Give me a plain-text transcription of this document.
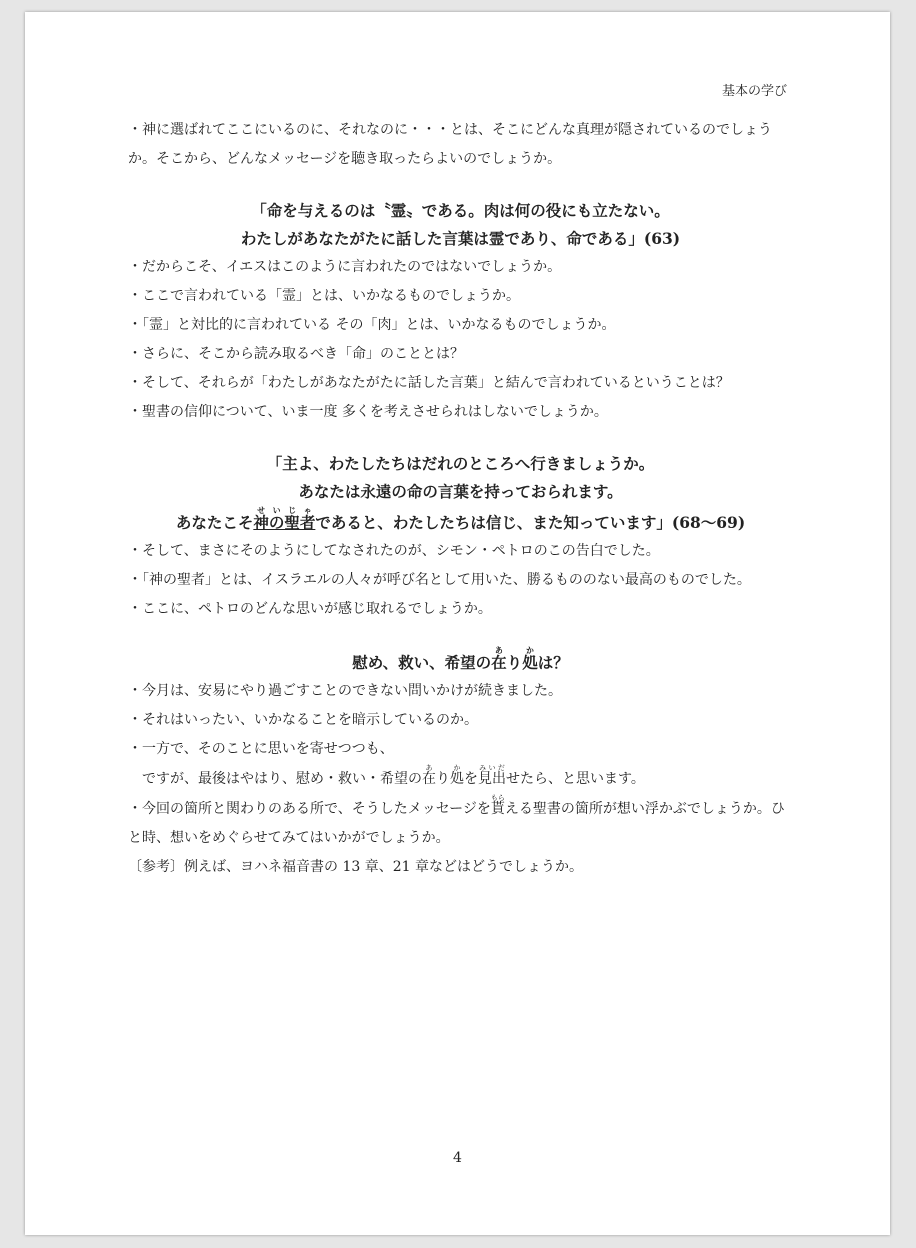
基本の学び

・神に選ばれてここにいるのに、それなのに・・・とは、そこにどんな真理が隠されているのでしょうか。そこから、どんなメッセージを聴き取ったらよいのでしょうか。

「命を与えるのは〝霊〟である。肉は何の役にも立たない。

わたしがあなたがたに話した言葉は霊であり、命である」(63)

・だからこそ、イエスはこのように言われたのではないでしょうか。

・ここで言われている「霊」とは、いかなるものでしょうか。

・「霊」と対比的に言われている その「肉」とは、いかなるものでしょうか。

・さらに、そこから読み取るべき「命」のこととは？

・そして、それらが「わたしがあなたがたに話した言葉」と結んで言われているということは？

・聖書の信仰について、いま一度 多くを考えさせられはしないでしょうか。

「主よ、わたしたちはだれのところへ行きましょうか。

あなたは永遠の命の言葉を持っておられます。

あなたこそ神の聖者せいじゃであると、わたしたちは信じ、また知っています」(68～69)

・そして、まさにそのようにしてなされたのが、シモン・ペトロのこの告白でした。

・「神の聖者」とは、イスラエルの人々が呼び名として用いた、勝るもののない最高のものでした。

・ここに、ペトロのどんな思いが感じ取れるでしょうか。

慰め、救い、希望の在あり処かは？

・今月は、安易にやり過ごすことのできない問いかけが続きました。

・それはいったい、いかなることを暗示しているのか。

・一方で、そのことに思いを寄せつつも、

ですが、最後はやはり、慰め・救い・希望の在あり処かを見出みいだせたら、と思います。

・今回の箇所と関わりのある所で、そうしたメッセージを貰もらえる聖書の箇所が想い浮かぶでしょうか。ひと時、想いをめぐらせてみてはいかがでしょうか。

〔参考〕例えば、ヨハネ福音書の 13 章、21 章などはどうでしょうか。

4
